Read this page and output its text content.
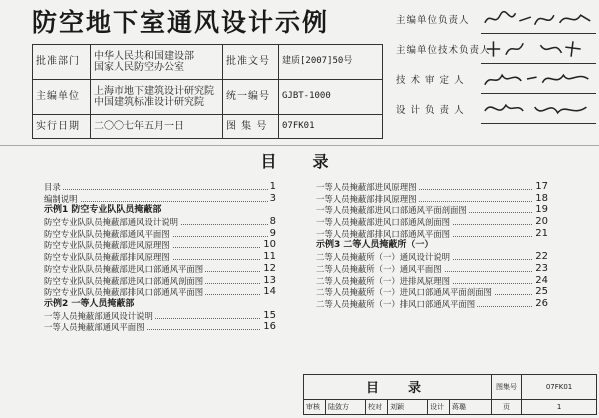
防空地下室通风设计示例
批准部门	中华人民共和国建设部
国家人民防空办公室	批准文号	建质[2007]50号
主编单位	上海市地下建筑设计研究院
中国建筑标准设计研究院	统一编号	GJBT-1000
实行日期	二〇〇七年五月一日	图 集 号	07FK01
主编单位负责人	

主编单位技术负责人	

技 术 审 定 人	

设 计 负 责 人	
目　录
目录	1
编制说明	3
示例1 防空专业队队员掩蔽部
防空专业队队员掩蔽部通风设计说明	8
防空专业队队员掩蔽部通风平面图	9
防空专业队队员掩蔽部进风原理图	10
防空专业队队员掩蔽部排风原理图	11
防空专业队队员掩蔽部进风口部通风平面图	12
防空专业队队员掩蔽部进风口部通风剖面图	13
防空专业队队员掩蔽部排风口部通风平面图	14
示例2 一等人员掩蔽部
一等人员掩蔽部通风设计说明	15
一等人员掩蔽部通风平面图	16
一等人员掩蔽部进风原理图	17
一等人员掩蔽部排风原理图	18
一等人员掩蔽部进风口部通风平面剖面图	19
一等人员掩蔽部进风口部通风剖面图	20
一等人员掩蔽部排风口部通风平面图	21
示例3 二等人员掩蔽所（一）
二等人员掩蔽所（一）通风设计说明	22
二等人员掩蔽所（一）通风平面图	23
二等人员掩蔽所（一）进排风原理图	24
二等人员掩蔽所（一）进风口部通风平面剖面图	25
二等人员掩蔽所（一）排风口部通风平面图	26
目　录						图集号	07FK01
审核	陆敛方	校对	刘颖	设计	蒋璐	页	1
